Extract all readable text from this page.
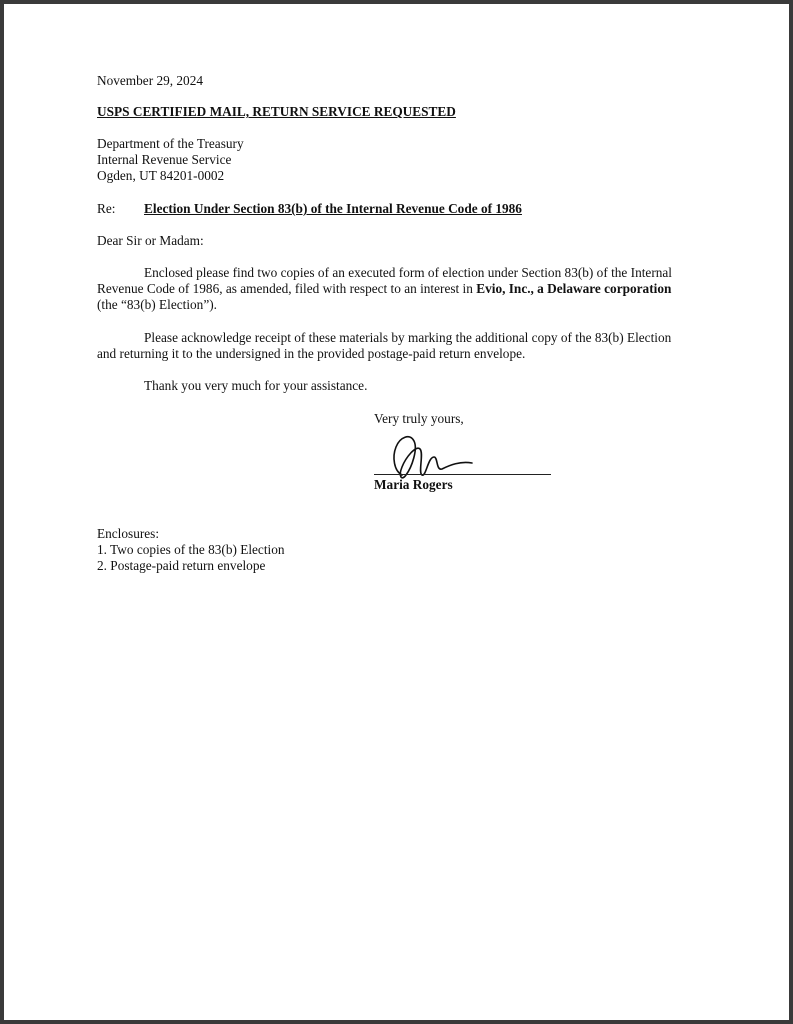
November 29, 2024
USPS CERTIFIED MAIL, RETURN SERVICE REQUESTED
Department of the Treasury
Internal Revenue Service
Ogden, UT 84201-0002
Re: Election Under Section 83(b) of the Internal Revenue Code of 1986
Dear Sir or Madam:
Enclosed please find two copies of an executed form of election under Section 83(b) of the Internal
Revenue Code of 1986, as amended, filed with respect to an interest in Evio, Inc., a Delaware corporation
(the “83(b) Election”).
Please acknowledge receipt of these materials by marking the additional copy of the 83(b) Election
and returning it to the undersigned in the provided postage-paid return envelope.
Thank you very much for your assistance.
Very truly yours,
Maria Rogers
Enclosures:
1. Two copies of the 83(b) Election
2. Postage-paid return envelope
